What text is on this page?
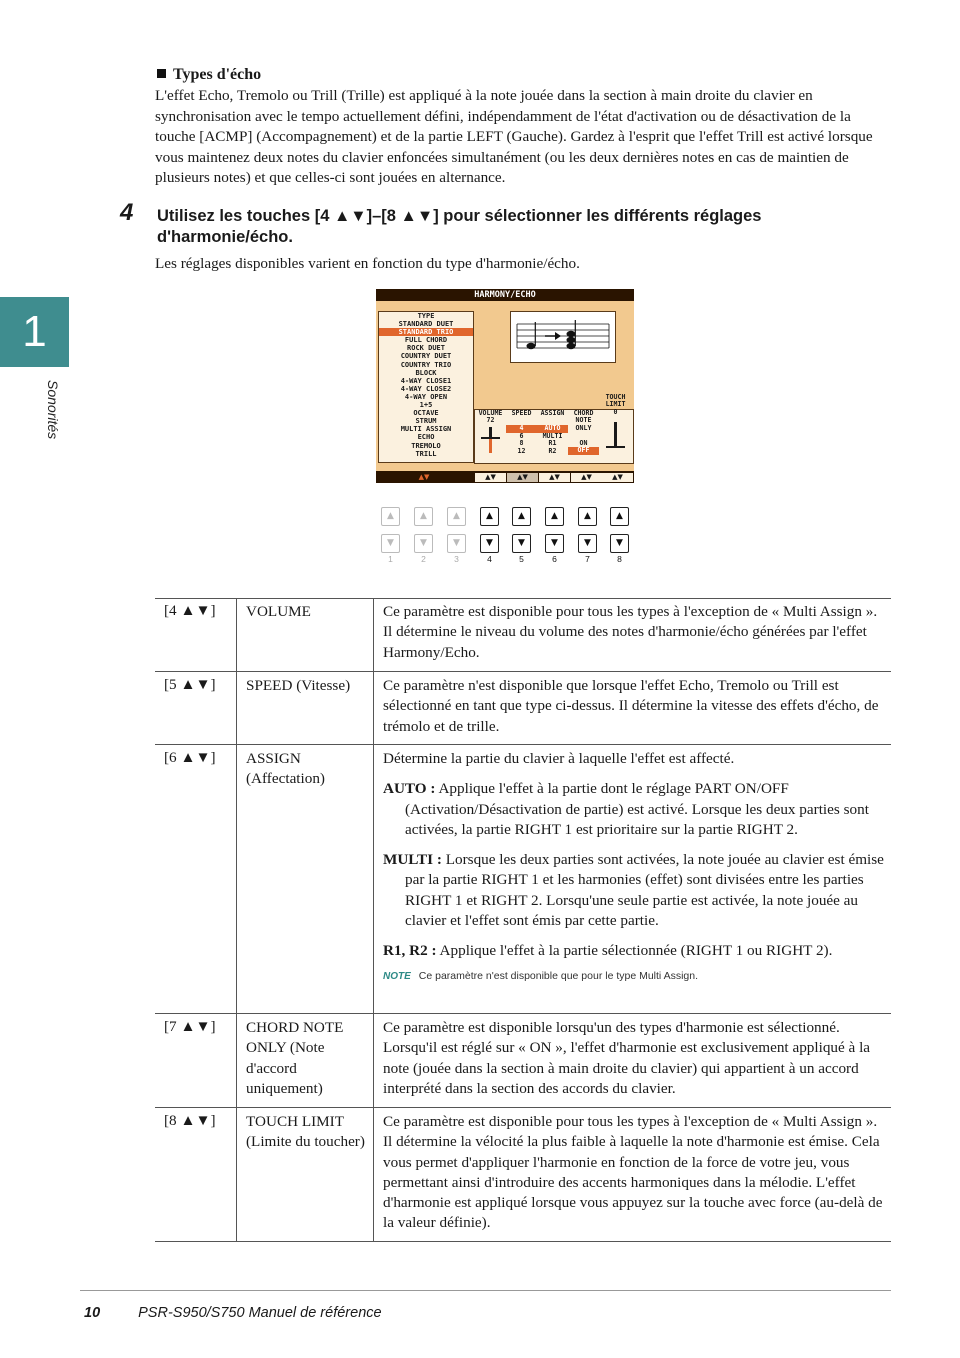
1
Sonorités
Types d'écho
L'effet Echo, Tremolo ou Trill (Trille) est appliqué à la note jouée dans la section à main droite du clavier en synchronisation avec le tempo actuellement défini, indépendamment de l'état d'activation ou de désactivation de la touche [ACMP] (Accompagnement) et de la partie LEFT (Gauche). Gardez à l'esprit que l'effet Trill est activé lorsque vous maintenez deux notes du clavier enfoncées simultanément (ou les deux dernières notes en cas de maintien de plusieurs notes) et que celles-ci sont jouées en alternance.
4 Utilisez les touches [4 ▲▼]–[8 ▲▼] pour sélectionner les différents réglages d'harmonie/écho.
Les réglages disponibles varient en fonction du type d'harmonie/écho.
HARMONY/ECHO
TYPE
STANDARD DUET
STANDARD TRIO
FULL CHORD
ROCK DUET
COUNTRY DUET
COUNTRY TRIO
BLOCK
4-WAY CLOSE1
4-WAY CLOSE2
4-WAY OPEN
1+5
OCTAVE
STRUM
MULTI ASSIGN
ECHO
TREMOLO
TRILL
VOLUME
72
SPEED
4
6
8
12
ASSIGN
AUTO
MULTI
R1
R2
CHORD
NOTE
ONLY
ON
OFF
TOUCH
LIMIT
0
▲▼	▲▼	▲▼	▲▼	▲▼	▲▼
▲
▼
1
▲
▼
2
▲
▼
3
▲
▼
4
▲
▼
5
▲
▼
6
▲
▼
7
▲
▼
8
[4 ▲▼] VOLUME	Ce paramètre est disponible pour tous les types à l'exception de « Multi Assign ». Il détermine le niveau du volume des notes d'harmonie/écho générées par l'effet Harmony/Echo.
[5 ▲▼] SPEED (Vitesse)	Ce paramètre n'est disponible que lorsque l'effet Echo, Tremolo ou Trill est sélectionné en tant que type ci-dessus. Il détermine la vitesse des effets d'écho, de trémolo et de trille.
[6 ▲▼] ASSIGN (Affectation)

Détermine la partie du clavier à laquelle l'effet est affecté.

AUTO : Applique l'effet à la partie dont le réglage PART ON/OFF (Activation/Désactivation de partie) est activé. Lorsque les deux parties sont activées, la partie RIGHT 1 est prioritaire sur la partie RIGHT 2.

MULTI : Lorsque les deux parties sont activées, la note jouée au clavier est émise par la partie RIGHT 1 et les harmonies (effet) sont divisées entre les parties RIGHT 1 et RIGHT 2. Lorsqu'une seule partie est activée, la note jouée au clavier et l'effet sont émis par cette partie.

R1, R2 : Applique l'effet à la partie sélectionnée (RIGHT 1 ou RIGHT 2).

NOTE Ce paramètre n'est disponible que pour le type Multi Assign.

[7 ▲▼] CHORD NOTE ONLY (Note d'accord uniquement)
Ce paramètre est disponible lorsqu'un des types d'harmonie est sélectionné. Lorsqu'il est réglé sur « ON », l'effet d'harmonie est exclusivement appliqué à la note (jouée dans la section à main droite du clavier) qui appartient à un accord interprété dans la section des accords du clavier.
[8 ▲▼] TOUCH LIMIT (Limite du toucher)
Ce paramètre est disponible pour tous les types à l'exception de « Multi Assign ». Il détermine la vélocité la plus faible à laquelle la note d'harmonie est émise. Cela vous permet d'appliquer l'harmonie en fonction de la force de votre jeu, vous permettant ainsi d'introduire des accents harmoniques dans la mélodie. L'effet d'harmonie est appliqué lorsque vous appuyez sur la touche avec force (au-delà de la valeur définie).
10	PSR-S950/S750 Manuel de référence
